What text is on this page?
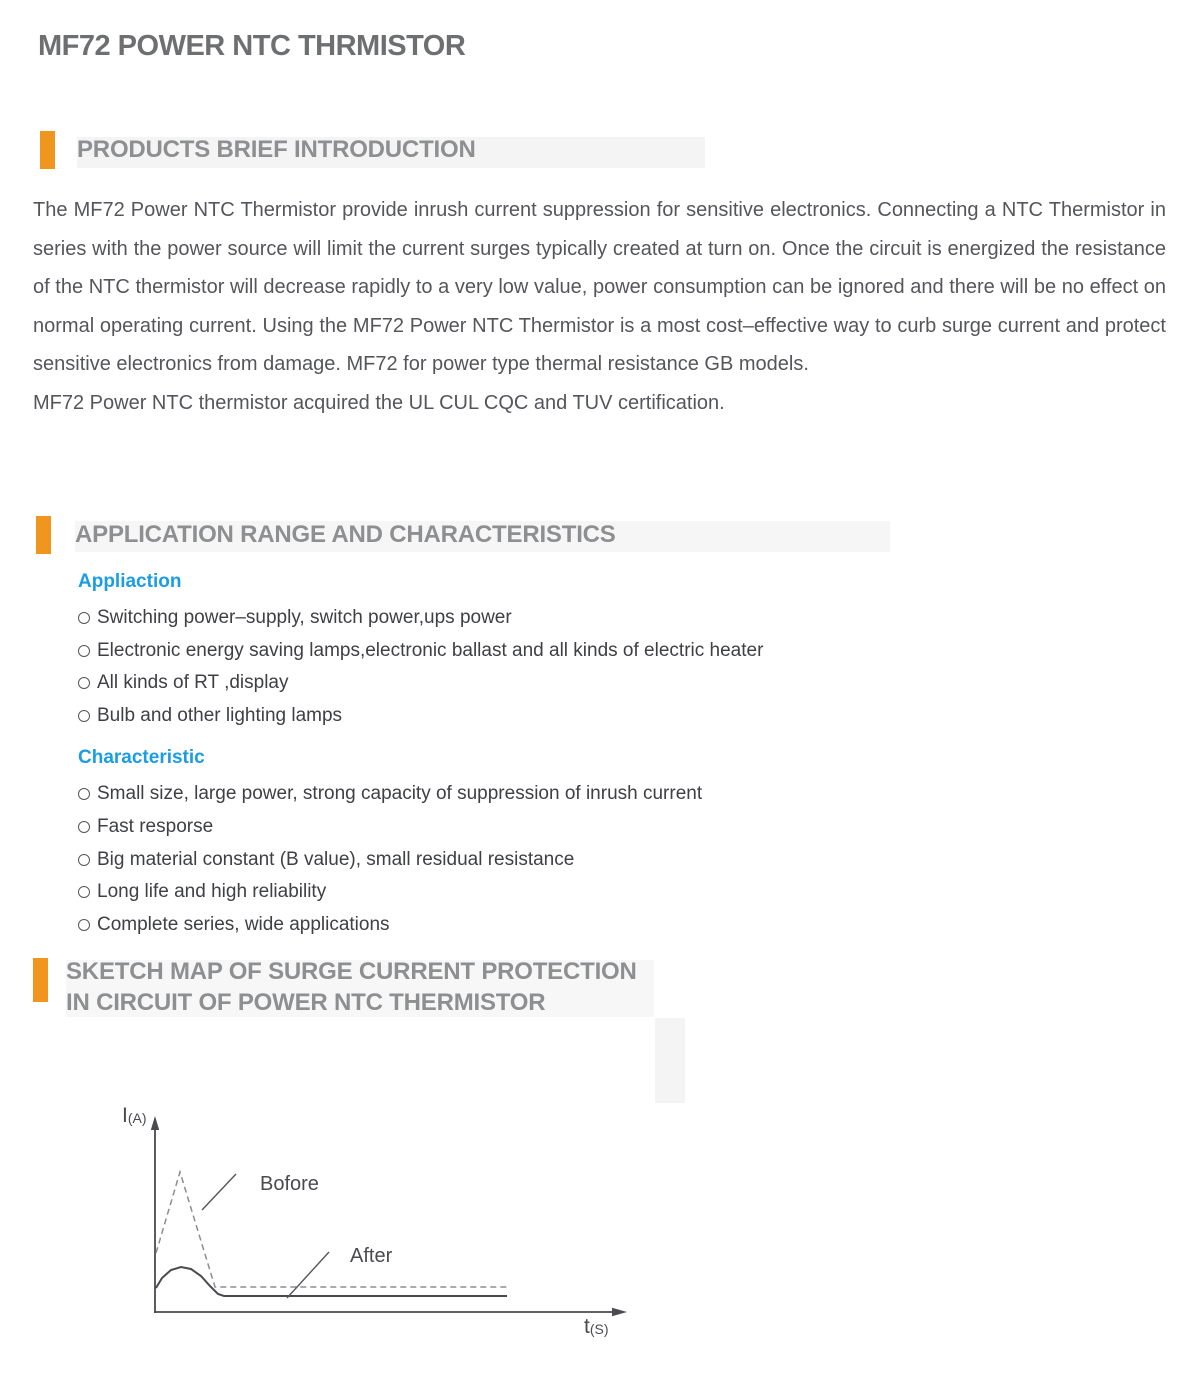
MF72 POWER NTC THRMISTOR
PRODUCTS BRIEF INTRODUCTION

The MF72 Power NTC Thermistor provide inrush current suppression for sensitive electronics. Connecting a NTC Thermistor in series with the power source will limit the current surges typically created at turn on. Once the circuit is energized the resistance of the NTC thermistor will decrease rapidly to a very low value, power consumption can be ignored and there will be no effect on normal operating current. Using the MF72 Power NTC Thermistor is a most cost–effective way to curb surge current and protect sensitive electronics from damage. MF72 for power type thermal resistance GB models.

MF72 Power NTC thermistor acquired the UL CUL CQC and TUV certification.

APPLICATION RANGE AND CHARACTERISTICS
Appliaction
Switching power–supply, switch power,ups power
Electronic energy saving lamps,electronic ballast and all kinds of electric heater
All kinds of RT ,display
Bulb and other lighting lamps
Characteristic
Small size, large power, strong capacity of suppression of inrush current
Fast resporse
Big material constant (B value), small residual resistance
Long life and high reliability
Complete series, wide applications
SKETCH MAP OF SURGE CURRENT PROTECTION
IN CIRCUIT OF POWER NTC THERMISTOR
Bofore
After
I(A)
t(S)
